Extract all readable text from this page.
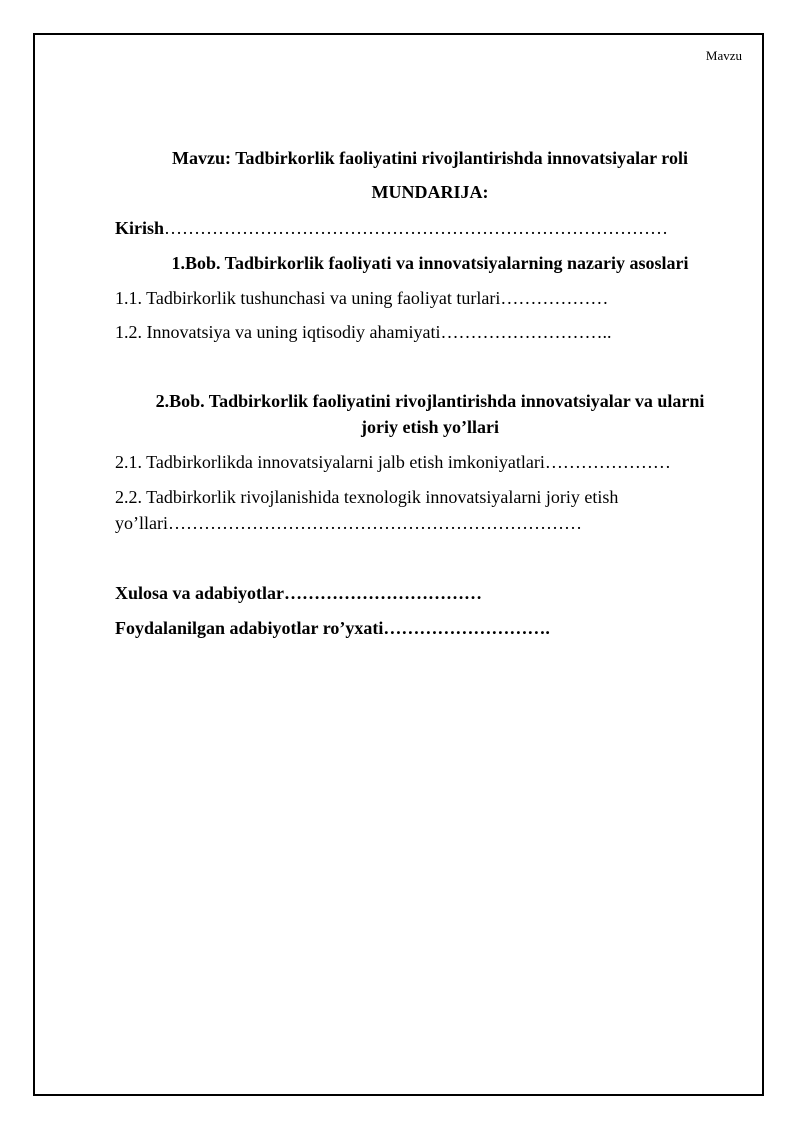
Mavzu
Mavzu: Tadbirkorlik faoliyatini rivojlantirishda innovatsiyalar roli
MUNDARIJA:
Kirish…………………………………………………………………………
1.Bob. Tadbirkorlik faoliyati va innovatsiyalarning nazariy asoslari
1.1. Tadbirkorlik tushunchasi va uning faoliyat turlari………………
1.2. Innovatsiya va uning iqtisodiy ahamiyati………………………..
2.Bob. Tadbirkorlik faoliyatini rivojlantirishda innovatsiyalar va ularni
joriy etish yo’llari
2.1. Tadbirkorlikda innovatsiyalarni jalb etish imkoniyatlari…………………
2.2. Tadbirkorlik rivojlanishida texnologik innovatsiyalarni joriy etish
yo’llari……………………………………………………………
Xulosa va adabiyotlar……………………………
Foydalanilgan adabiyotlar ro’yxati……………………….
